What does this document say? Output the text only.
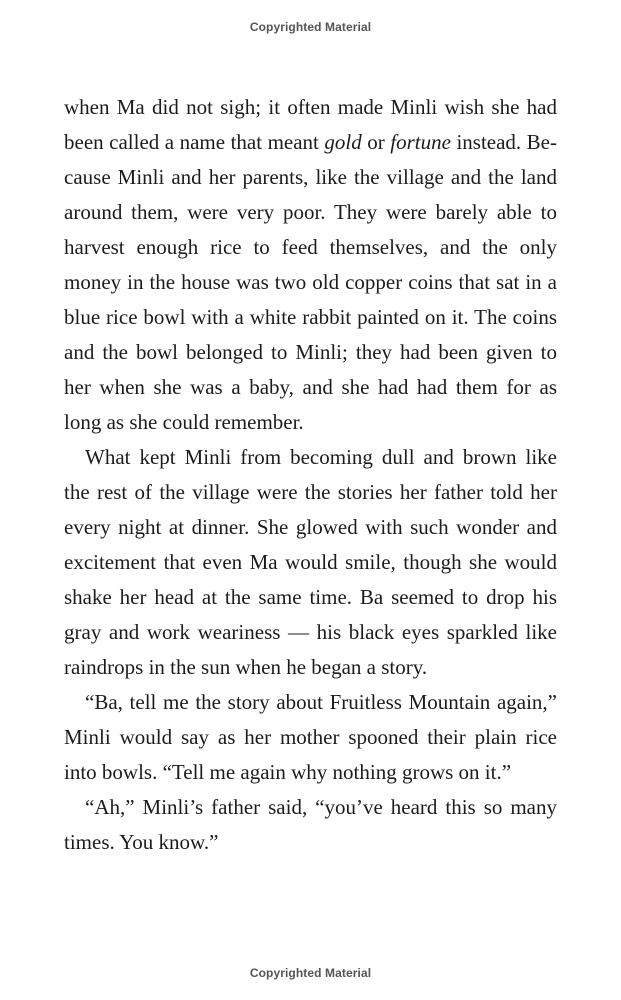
Copyrighted Material

when Ma did not sigh; it often made Minli wish she had
been called a name that meant gold or fortune instead. Be-
cause Minli and her parents, like the village and the land
around them, were very poor. They were barely able to
harvest enough rice to feed themselves, and the only
money in the house was two old copper coins that sat in a
blue rice bowl with a white rabbit painted on it. The coins
and the bowl belonged to Minli; they had been given to
her when she was a baby, and she had had them for as
long as she could remember.

What kept Minli from becoming dull and brown like
the rest of the village were the stories her father told her
every night at dinner. She glowed with such wonder and
excitement that even Ma would smile, though she would
shake her head at the same time. Ba seemed to drop his
gray and work weariness — his black eyes sparkled like
raindrops in the sun when he began a story.

“Ba, tell me the story about Fruitless Mountain again,”
Minli would say as her mother spooned their plain rice
into bowls. “Tell me again why nothing grows on it.”

“Ah,” Minli’s father said, “you’ve heard this so many
times. You know.”

Copyrighted Material
